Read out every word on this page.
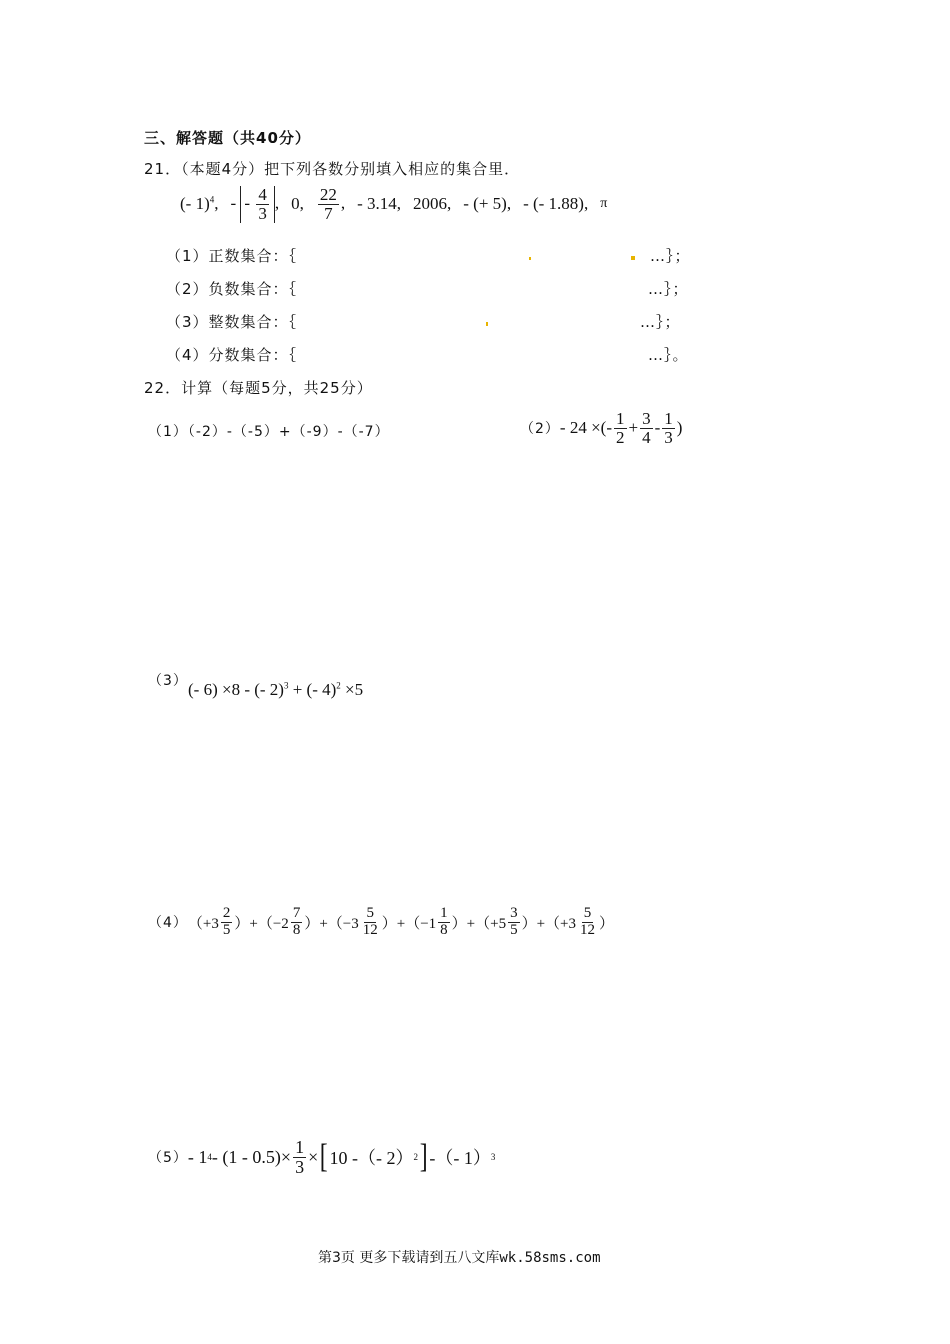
三、解答题（共40分）
21．（本题4分）把下列各数分别填入相应的集合里．
(- 1)$^4$, - - $\frac{4}{3}$ , 0, $\frac{22}{7}$ , - 3.14, 2006, - (+ 5), - (- 1.88), π
（1）正数集合：｛	…｝；
（2）负数集合：｛	…｝；
（3）整数集合：｛	…｝；
（4）分数集合：｛	…｝。
22．计算（每题5分，共25分）
（1）（-2）-（-5）+（-9）-（-7）	（2） - 24 ×(- $\frac{1}{2} + \frac{3}{4} - \frac{1}{3}$ )
（3） (- 6) ×8 - (- 2)$^3$ + (- 4)$^2$ ×5
（4） $(+3 \frac{2}{5} )+(-2 \frac{7}{8} )+(-3 \frac{5}{12} )+(-1 \frac{1}{8} )+(+5 \frac{3}{5} )+(+3 \frac{5}{12}$ ）
（5） - 1 $4 - (1 - 0.5)\times \frac{1}{3}$ × [ 10 -（- 2） 2 ] -（- 1） 3
第3页 更多下载请到五八文库wk.58sms.com
